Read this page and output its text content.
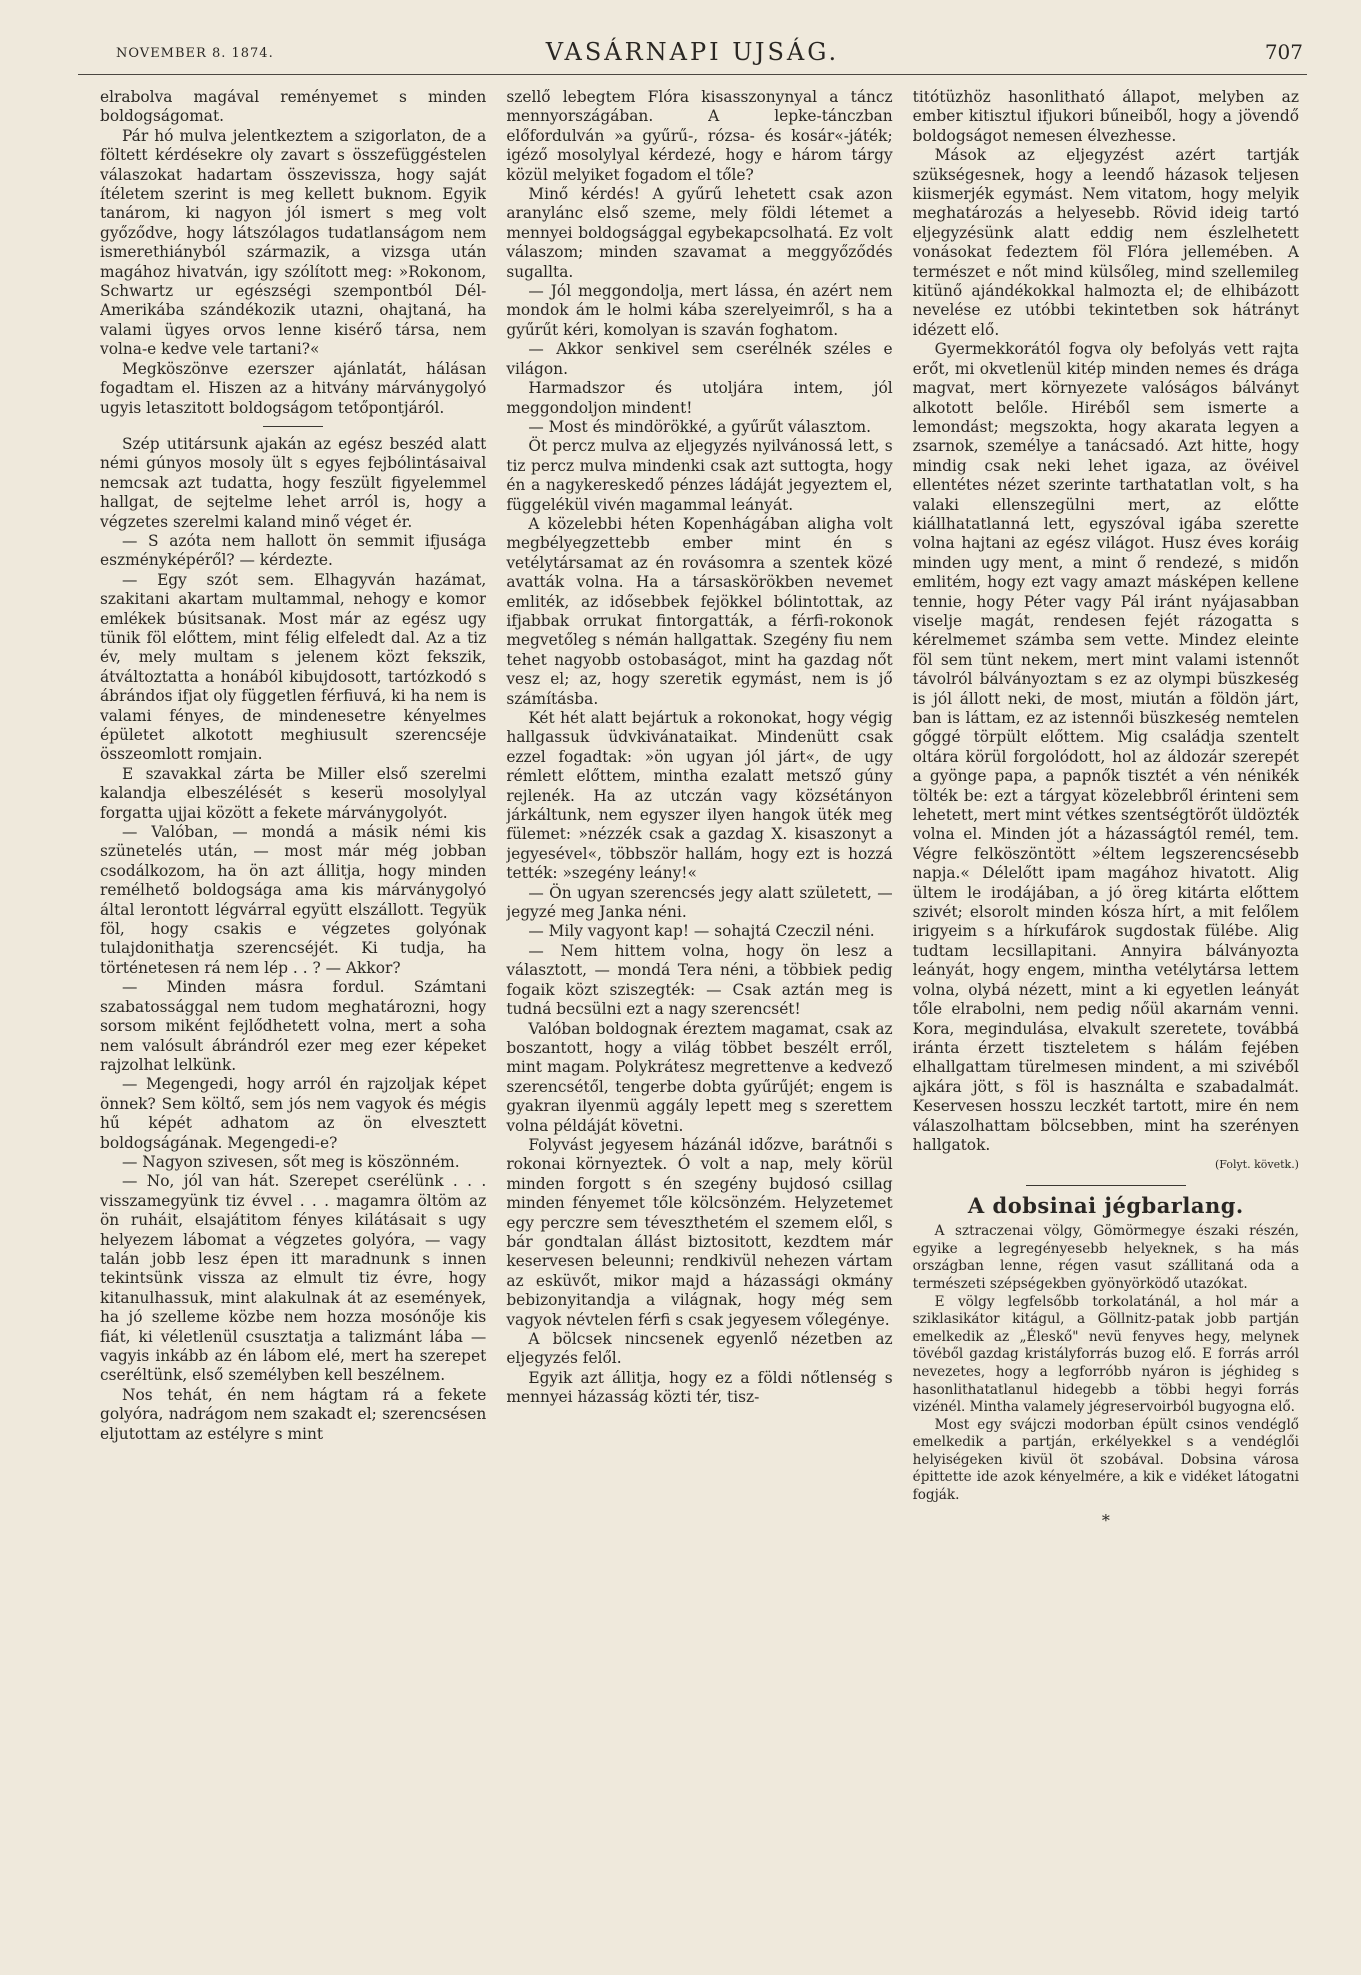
NOVEMBER 8. 1874.	VASÁRNAPI UJSÁG.	707

elrabolva magával reményemet s minden boldogságomat.

Pár hó mulva jelentkeztem a szigorlaton, de a föltett kérdésekre oly zavart s összefüggéstelen válaszokat hadartam összevissza, hogy saját ítéletem szerint is meg kellett buknom. Egyik tanárom, ki nagyon jól ismert s meg volt győződve, hogy látszólagos tudatlanságom nem ismerethiányból származik, a vizsga után magához hivatván, igy szólított meg: »Rokonom, Schwartz ur egészségi szempontból Dél-Amerikába szándékozik utazni, ohajtaná, ha valami ügyes orvos lenne kisérő társa, nem volna-e kedve vele tartani?«

Megköszönve ezerszer ajánlatát, hálásan fogadtam el. Hiszen az a hitvány márványgolyó ugyis letaszitott boldogságom tetőpontjáról.

Szép utitársunk ajakán az egész beszéd alatt némi gúnyos mosoly ült s egyes fejbólintásaival nemcsak azt tudatta, hogy feszült figyelemmel hallgat, de sejtelme lehet arról is, hogy a végzetes szerelmi kaland minő véget ér.

— S azóta nem hallott ön semmit ifjusága eszményképéről? — kérdezte.

— Egy szót sem. Elhagyván hazámat, szakitani akartam multammal, nehogy e komor emlékek búsitsanak. Most már az egész ugy tünik föl előttem, mint félig elfeledt dal. Az a tiz év, mely multam s jelenem közt fekszik, átváltoztatta a honából kibujdosott, tartózkodó s ábrándos ifjat oly független férfiuvá, ki ha nem is valami fényes, de mindenesetre kényelmes épületet alkotott meghiusult szerencséje összeomlott romjain.

E szavakkal zárta be Miller első szerelmi kalandja elbeszélését s keserü mosolylyal forgatta ujjai között a fekete márványgolyót.

— Valóban, — mondá a másik némi kis szünetelés után, — most már még jobban csodálkozom, ha ön azt állitja, hogy minden remélhető boldogsága ama kis márványgolyó által lerontott légvárral együtt elszállott. Tegyük föl, hogy csakis e végzetes golyónak tulajdonithatja szerencséjét. Ki tudja, ha történetesen rá nem lép . . ? — Akkor?

— Minden másra fordul. Számtani szabatossággal nem tudom meghatározni, hogy sorsom miként fejlődhetett volna, mert a soha nem valósult ábrándról ezer meg ezer képeket rajzolhat lelkünk.

— Megengedi, hogy arról én rajzoljak képet önnek? Sem költő, sem jós nem vagyok és mégis hű képét adhatom az ön elvesztett boldogságának. Megengedi-e?

— Nagyon szivesen, sőt meg is köszönném.

— No, jól van hát. Szerepet cserélünk . . . visszamegyünk tiz évvel . . . magamra öltöm az ön ruháit, elsajátitom fényes kilátásait s ugy helyezem lábomat a végzetes golyóra, — vagy talán jobb lesz épen itt maradnunk s innen tekintsünk vissza az elmult tiz évre, hogy kitanulhassuk, mint alakulnak át az események, ha jó szelleme közbe nem hozza mosónője kis fiát, ki véletlenül csusztatja a talizmánt lába — vagyis inkább az én lábom elé, mert ha szerepet cseréltünk, első személyben kell beszélnem.

Nos tehát, én nem hágtam rá a fekete golyóra, nadrágom nem szakadt el; szerencsésen eljutottam az estélyre s mint

szellő lebegtem Flóra kisasszonynyal a táncz mennyországában. A lepke-tánczban előfordulván »a gyűrű-, rózsa- és kosár«-játék; igéző mosolylyal kérdezé, hogy e három tárgy közül melyiket fogadom el tőle?

Minő kérdés! A gyűrű lehetett csak azon aranylánc első szeme, mely földi létemet a mennyei boldogsággal egybekapcsolhatá. Ez volt válaszom; minden szavamat a meggyőződés sugallta.

— Jól meggondolja, mert lássa, én azért nem mondok ám le holmi kába szerelyeimről, s ha a gyűrűt kéri, komolyan is szaván foghatom.

— Akkor senkivel sem cserélnék széles e világon.

Harmadszor és utoljára intem, jól meggondoljon mindent!

— Most és mindörökké, a gyűrűt választom.

Öt percz mulva az eljegyzés nyilvánossá lett, s tiz percz mulva mindenki csak azt suttogta, hogy én a nagykereskedő pénzes ládáját jegyeztem el, függelékül vivén magammal leányát.

A közelebbi héten Kopenhágában aligha volt megbélyegzettebb ember mint én s vetélytársamat az én rovásomra a szentek közé avatták volna. Ha a társaskörökben nevemet emliték, az idősebbek fejökkel bólintottak, az ifjabbak orrukat fintorgatták, a férfi-rokonok megvetőleg s némán hallgattak. Szegény fiu nem tehet nagyobb ostobaságot, mint ha gazdag nőt vesz el; az, hogy szeretik egymást, nem is jő számításba.

Két hét alatt bejártuk a rokonokat, hogy végig hallgassuk üdvkivánataikat. Mindenütt csak ezzel fogadtak: »ön ugyan jól járt«, de ugy rémlett előttem, mintha ezalatt metsző gúny rejlenék. Ha az utczán vagy közsétányon járkáltunk, nem egyszer ilyen hangok üték meg fülemet: »nézzék csak a gazdag X. kisaszonyt a jegyesével«, többször hallám, hogy ezt is hozzá tették: »szegény leány!«

— Ön ugyan szerencsés jegy alatt született, — jegyzé meg Janka néni.

— Mily vagyont kap! — sohajtá Czeczil néni.

— Nem hittem volna, hogy ön lesz a választott, — mondá Tera néni, a többiek pedig fogaik közt sziszegték: — Csak aztán meg is tudná becsülni ezt a nagy szerencsét!

Valóban boldognak éreztem magamat, csak az boszantott, hogy a világ többet beszélt erről, mint magam. Polykrátesz megrettenve a kedvező szerencsétől, tengerbe dobta gyűrűjét; engem is gyakran ilyenmü aggály lepett meg s szerettem volna példáját követni.

Folyvást jegyesem házánál időzve, barátnői s rokonai környeztek. Ó volt a nap, mely körül minden forgott s én szegény bujdosó csillag minden fényemet tőle kölcsönzém. Helyzetemet egy perczre sem téveszthetém el szemem elől, s bár gondtalan állást biztositott, kezdtem már keservesen beleunni; rendkivül nehezen vártam az esküvőt, mikor majd a házassági okmány bebizonyitandja a világnak, hogy még sem vagyok névtelen férfi s csak jegyesem vőlegénye.

A bölcsek nincsenek egyenlő nézetben az eljegyzés felől.

Egyik azt állitja, hogy ez a földi nőtlenség s mennyei házasság közti tér, tisz-

titótüzhöz hasonlitható állapot, melyben az ember kitisztul ifjukori bűneiből, hogy a jövendő boldogságot nemesen élvezhesse.

Mások az eljegyzést azért tartják szükségesnek, hogy a leendő házasok teljesen kiismerjék egymást. Nem vitatom, hogy melyik meghatározás a helyesebb. Rövid ideig tartó eljegyzésünk alatt eddig nem észlelhetett vonásokat fedeztem föl Flóra jellemében. A természet e nőt mind külsőleg, mind szellemileg kitünő ajándékokkal halmozta el; de elhibázott nevelése ez utóbbi tekintetben sok hátrányt idézett elő.

Gyermekkorától fogva oly befolyás vett rajta erőt, mi okvetlenül kitép minden nemes és drága magvat, mert környezete valóságos bálványt alkotott belőle. Hiréből sem ismerte a lemondást; megszokta, hogy akarata legyen a zsarnok, személye a tanácsadó. Azt hitte, hogy mindig csak neki lehet igaza, az övéivel ellentétes nézet szerinte tarthatatlan volt, s ha valaki ellenszegülni mert, az előtte kiállhatatlanná lett, egyszóval igába szerette volna hajtani az egész világot. Husz éves koráig minden ugy ment, a mint ő rendezé, s midőn emlitém, hogy ezt vagy amazt másképen kellene tennie, hogy Péter vagy Pál iránt nyájasabban viselje magát, rendesen fejét rázogatta s kérelmemet számba sem vette. Mindez eleinte föl sem tünt nekem, mert mint valami istennőt távolról bálványoztam s ez az olympi büszkeség is jól állott neki, de most, miután a földön járt, ban is láttam, ez az istennői büszkeség nemtelen gőggé törpült előttem. Mig családja szentelt oltára körül forgolódott, hol az áldozár szerepét a gyönge papa, a papnők tisztét a vén nénikék tölték be: ezt a tárgyat közelebbről érinteni sem lehetett, mert mint vétkes szentségtörőt üldözték volna el. Minden jót a házasságtól remél, tem. Végre felköszöntött »éltem legszerencsésebb napja.« Délelőtt ipam magához hivatott. Alig ültem le irodájában, a jó öreg kitárta előttem szivét; elsorolt minden kósza hírt, a mit felőlem irigyeim s a hírkufárok sugdostak fülébe. Alig tudtam lecsillapitani. Annyira bálványozta leányát, hogy engem, mintha vetélytársa lettem volna, olybá nézett, mint a ki egyetlen leányát tőle elrabolni, nem pedig nőül akarnám venni. Kora, megindulása, elvakult szeretete, továbbá iránta érzett tiszteletem s hálám fejében elhallgattam türelmesen mindent, a mi szivéből ajkára jött, s föl is használta e szabadalmát. Keservesen hosszu leczkét tartott, mire én nem válaszolhattam bölcsebben, mint ha szerényen hallgatok.

(Folyt. követk.)
A dobsinai jégbarlang.

A sztraczenai völgy, Gömörmegye északi részén, egyike a legregényesebb helyeknek, s ha más országban lenne, régen vasut szállitaná oda a természeti szépségekben gyönyörködő utazókat.

E völgy legfelsőbb torkolatánál, a hol már a sziklasikátor kitágul, a Göllnitz-patak jobb partján emelkedik az „Éleskő" nevü fenyves hegy, melynek tövéből gazdag kristályforrás buzog elő. E forrás arról nevezetes, hogy a legforróbb nyáron is jéghideg s hasonlithatatlanul hidegebb a többi hegyi forrás vizénél. Mintha valamely jégreservoirból bugyogna elő.

Most egy svájczi modorban épült csinos vendéglő emelkedik a partján, erkélyekkel s a vendéglői helyiségeken kivül öt szobával. Dobsina városa épittette ide azok kényelmére, a kik e vidéket látogatni fogják.

*
